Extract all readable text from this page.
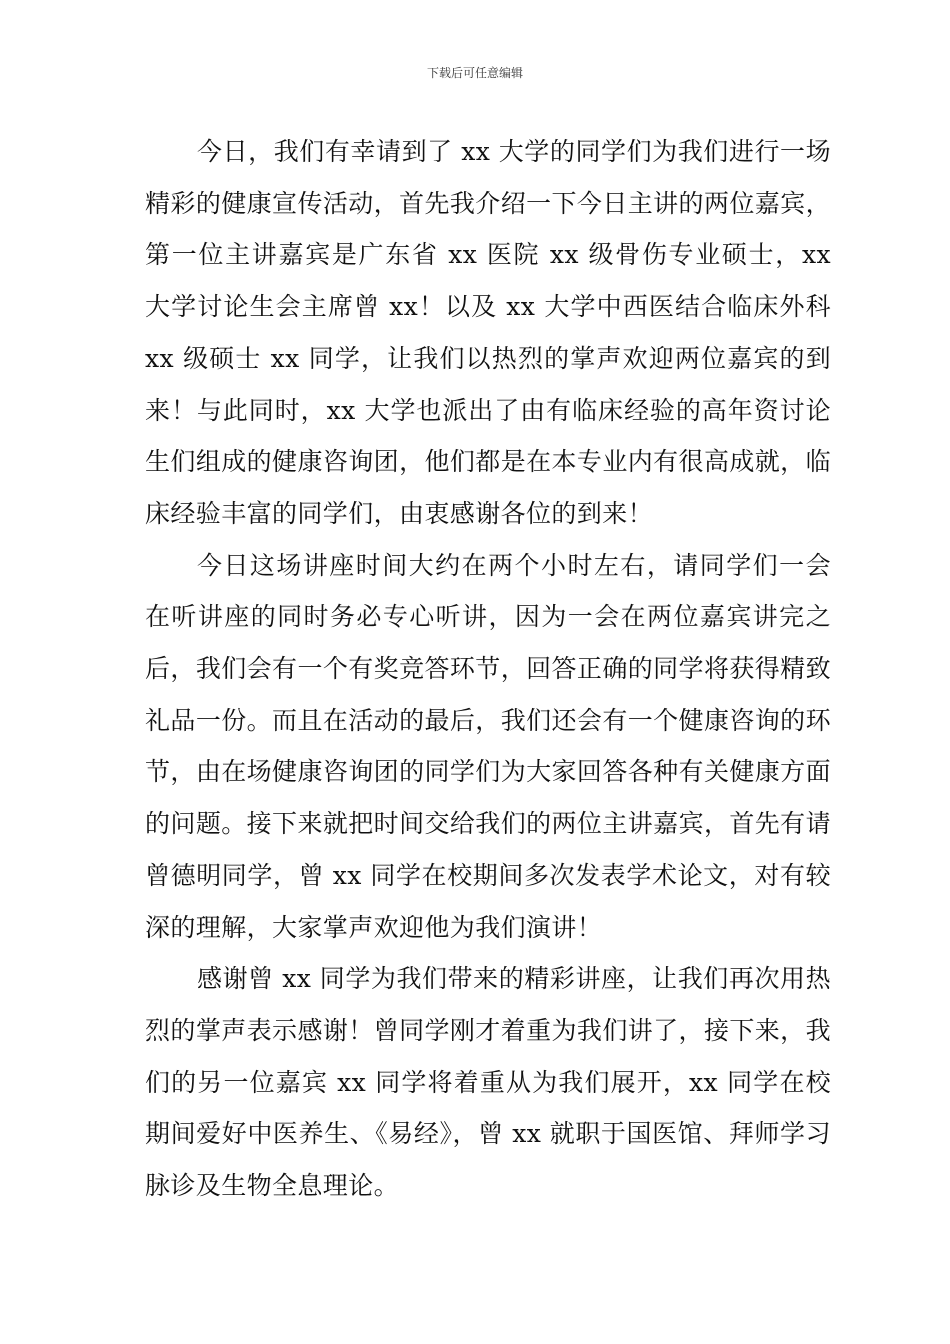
下载后可任意编辑

今日，我们有幸请到了 xx 大学的同学们为我们进行一场精彩的健康宣传活动，首先我介绍一下今日主讲的两位嘉宾，第一位主讲嘉宾是广东省 xx 医院 xx 级骨伤专业硕士，xx 大学讨论生会主席曾 xx！以及 xx 大学中西医结合临床外科 xx 级硕士 xx 同学，让我们以热烈的掌声欢迎两位嘉宾的到来！与此同时，xx 大学也派出了由有临床经验的高年资讨论生们组成的健康咨询团，他们都是在本专业内有很高成就，临床经验丰富的同学们，由衷感谢各位的到来！

今日这场讲座时间大约在两个小时左右，请同学们一会在听讲座的同时务必专心听讲，因为一会在两位嘉宾讲完之后，我们会有一个有奖竞答环节，回答正确的同学将获得精致礼品一份。而且在活动的最后，我们还会有一个健康咨询的环节，由在场健康咨询团的同学们为大家回答各种有关健康方面的问题。接下来就把时间交给我们的两位主讲嘉宾，首先有请曾德明同学，曾 xx 同学在校期间多次发表学术论文，对有较深的理解，大家掌声欢迎他为我们演讲！

感谢曾 xx 同学为我们带来的精彩讲座，让我们再次用热烈的掌声表示感谢！曾同学刚才着重为我们讲了，接下来，我们的另一位嘉宾 xx 同学将着重从为我们展开，xx 同学在校期间爱好中医养生、《易经》，曾 xx 就职于国医馆、拜师学习脉诊及生物全息理论。
